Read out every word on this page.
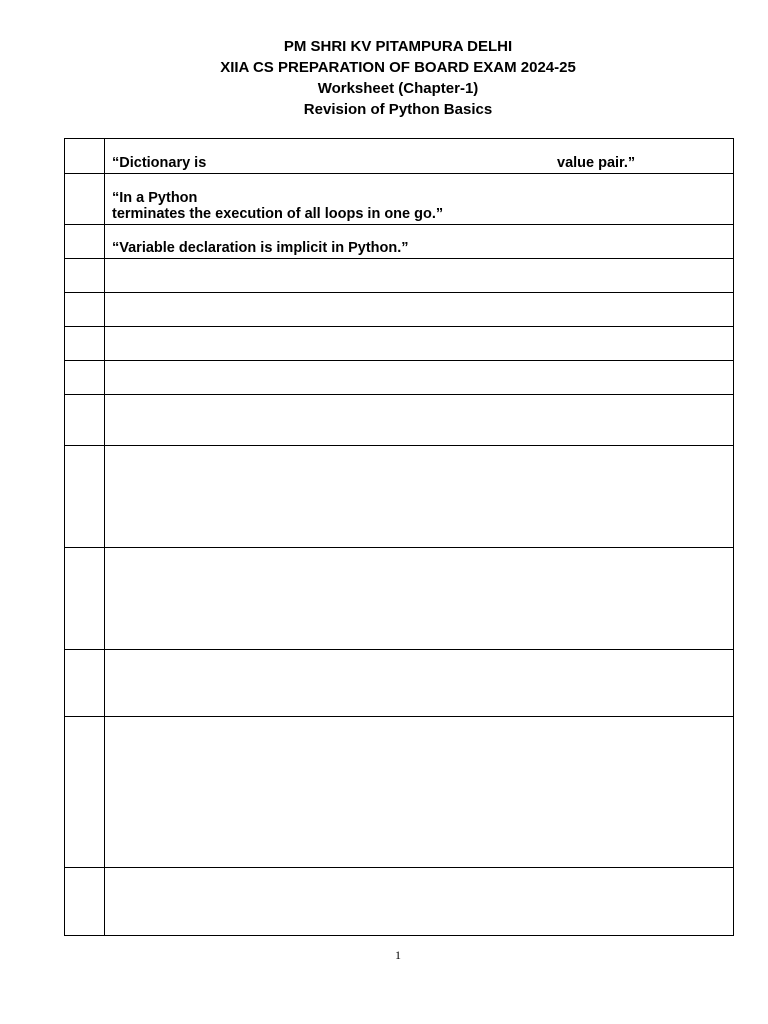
PM SHRI KV PITAMPURA DELHI
XIIA CS PREPARATION OF BOARD EXAM 2024-25
Worksheet (Chapter-1)
Revision of Python Basics

	“Dictionary is value pair.”

	“In a Python
terminates the execution of all loops in one go.”

	“Variable declaration is implicit in Python.”

1
